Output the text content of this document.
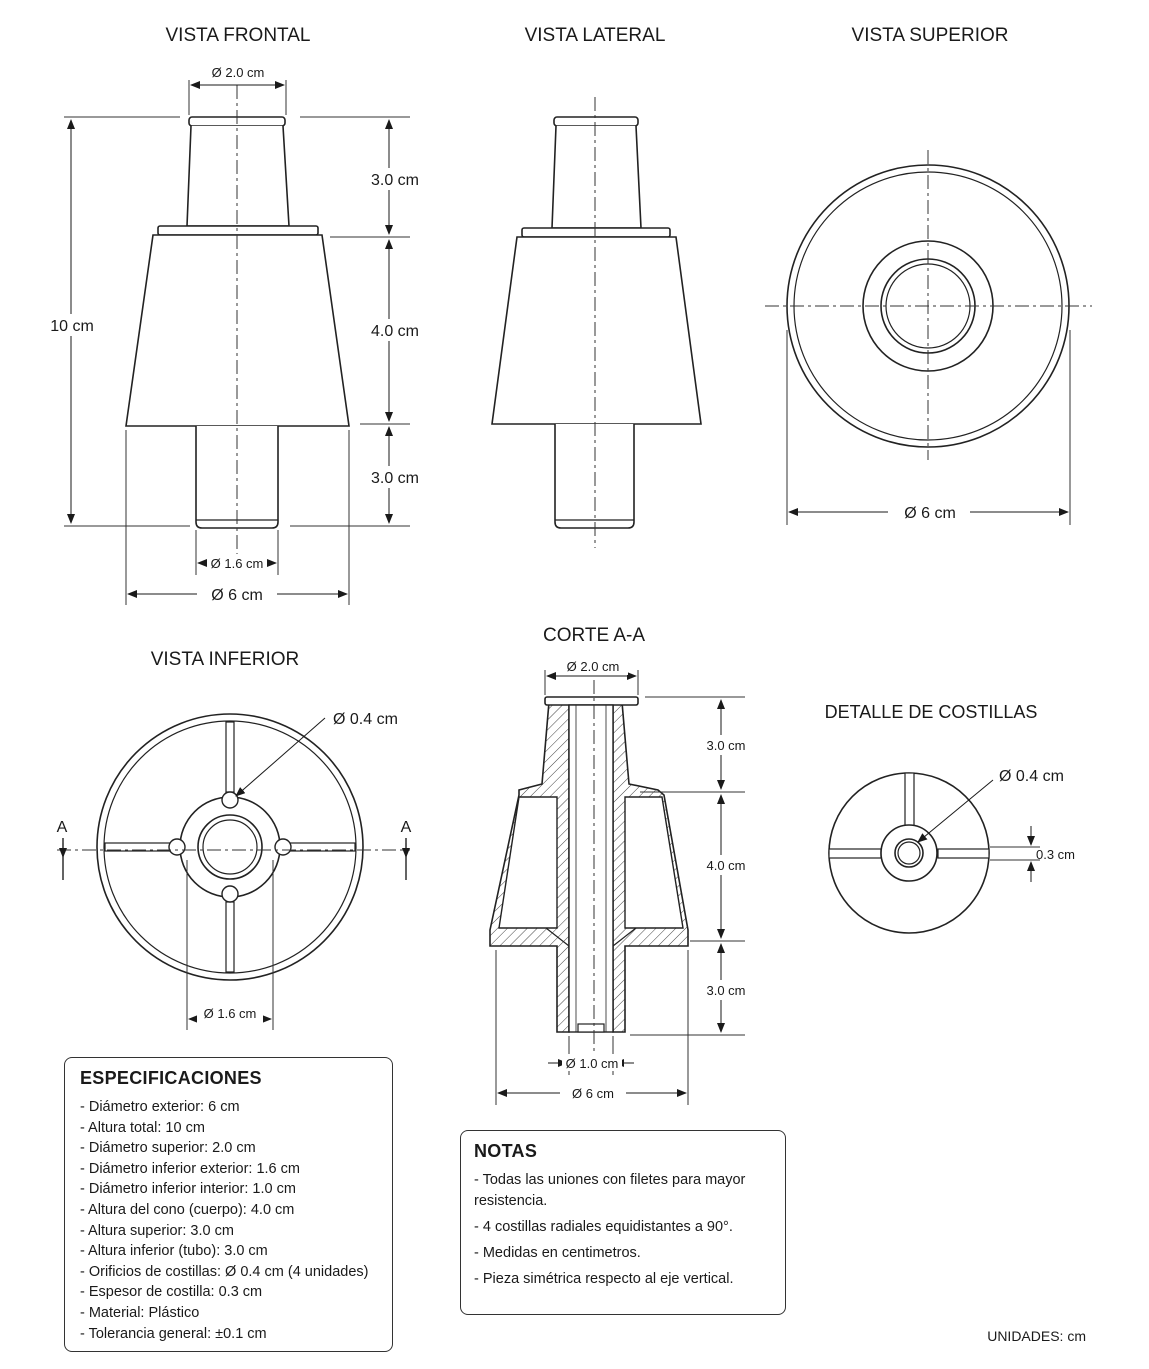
VISTA FRONTAL
Ø 2.0 cm
3.0 cm
4.0 cm
3.0 cm
10 cm
Ø 1.6 cm
Ø 6 cm
VISTA LATERAL	VISTA SUPERIOR
Ø 6 cm
VISTA INFERIOR
A	A
Ø 0.4 cm
Ø 1.6 cm
CORTE A-A
Ø 2.0 cm
3.0 cm
4.0 cm
3.0 cm
Ø 1.0 cm
Ø 6 cm
DETALLE DE COSTILLAS
Ø 0.4 cm
0.3 cm
ESPECIFICACIONES
- Diámetro exterior: 6 cm
- Altura total: 10 cm
- Diámetro superior: 2.0 cm
- Diámetro inferior exterior: 1.6 cm
- Diámetro inferior interior: 1.0 cm
- Altura del cono (cuerpo): 4.0 cm
- Altura superior: 3.0 cm
- Altura inferior (tubo): 3.0 cm
- Orificios de costillas: Ø 0.4 cm (4 unidades)
- Espesor de costilla: 0.3 cm
- Material: Plástico
- Tolerancia general: ±0.1 cm
NOTAS
- Todas las uniones con filetes para mayor resistencia.
- 4 costillas radiales equidistantes a 90°.
- Medidas en centimetros.
- Pieza simétrica respecto al eje vertical.
UNIDADES: cm
